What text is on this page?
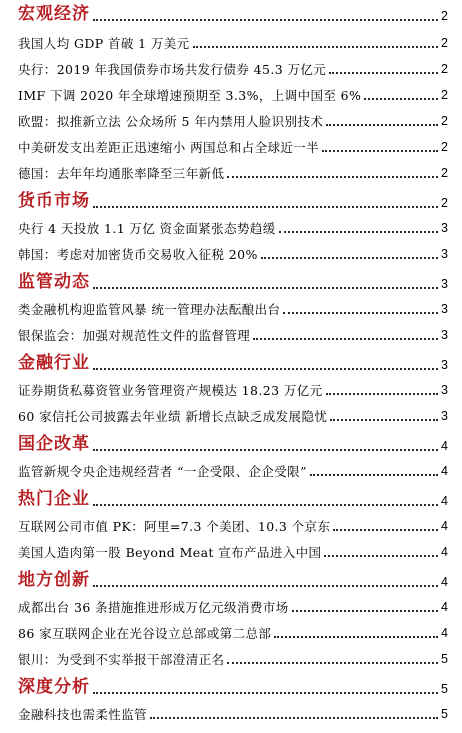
宏观经济	2
我国人均 GDP 首破 1 万美元	2
央行：2019 年我国债券市场共发行债券 45.3 万亿元	2
IMF 下调 2020 年全球增速预期至 3.3%，上调中国至 6%	2
欧盟：拟推新立法 公众场所 5 年内禁用人脸识别技术	2
中美研发支出差距正迅速缩小 两国总和占全球近一半	2
德国：去年年均通胀率降至三年新低	2
货币市场	2
央行 4 天投放 1.1 万亿 资金面紧张态势趋缓	3
韩国：考虑对加密货币交易收入征税 20%	3
监管动态	3
类金融机构迎监管风暴 统一管理办法酝酿出台	3
银保监会：加强对规范性文件的监督管理	3
金融行业	3
证券期货私募资管业务管理资产规模达 18.23 万亿元	3
60 家信托公司披露去年业绩 新增长点缺乏成发展隐忧	3
国企改革	4
监管新规令央企违规经营者 “一企受限、企企受限”	4
热门企业	4
互联网公司市值 PK：阿里=7.3 个美团、10.3 个京东	4
美国人造肉第一股 Beyond Meat 宣布产品进入中国	4
地方创新	4
成都出台 36 条措施推进形成万亿元级消费市场	4
86 家互联网企业在光谷设立总部或第二总部	4
银川：为受到不实举报干部澄清正名	5
深度分析	5
金融科技也需柔性监管	5
